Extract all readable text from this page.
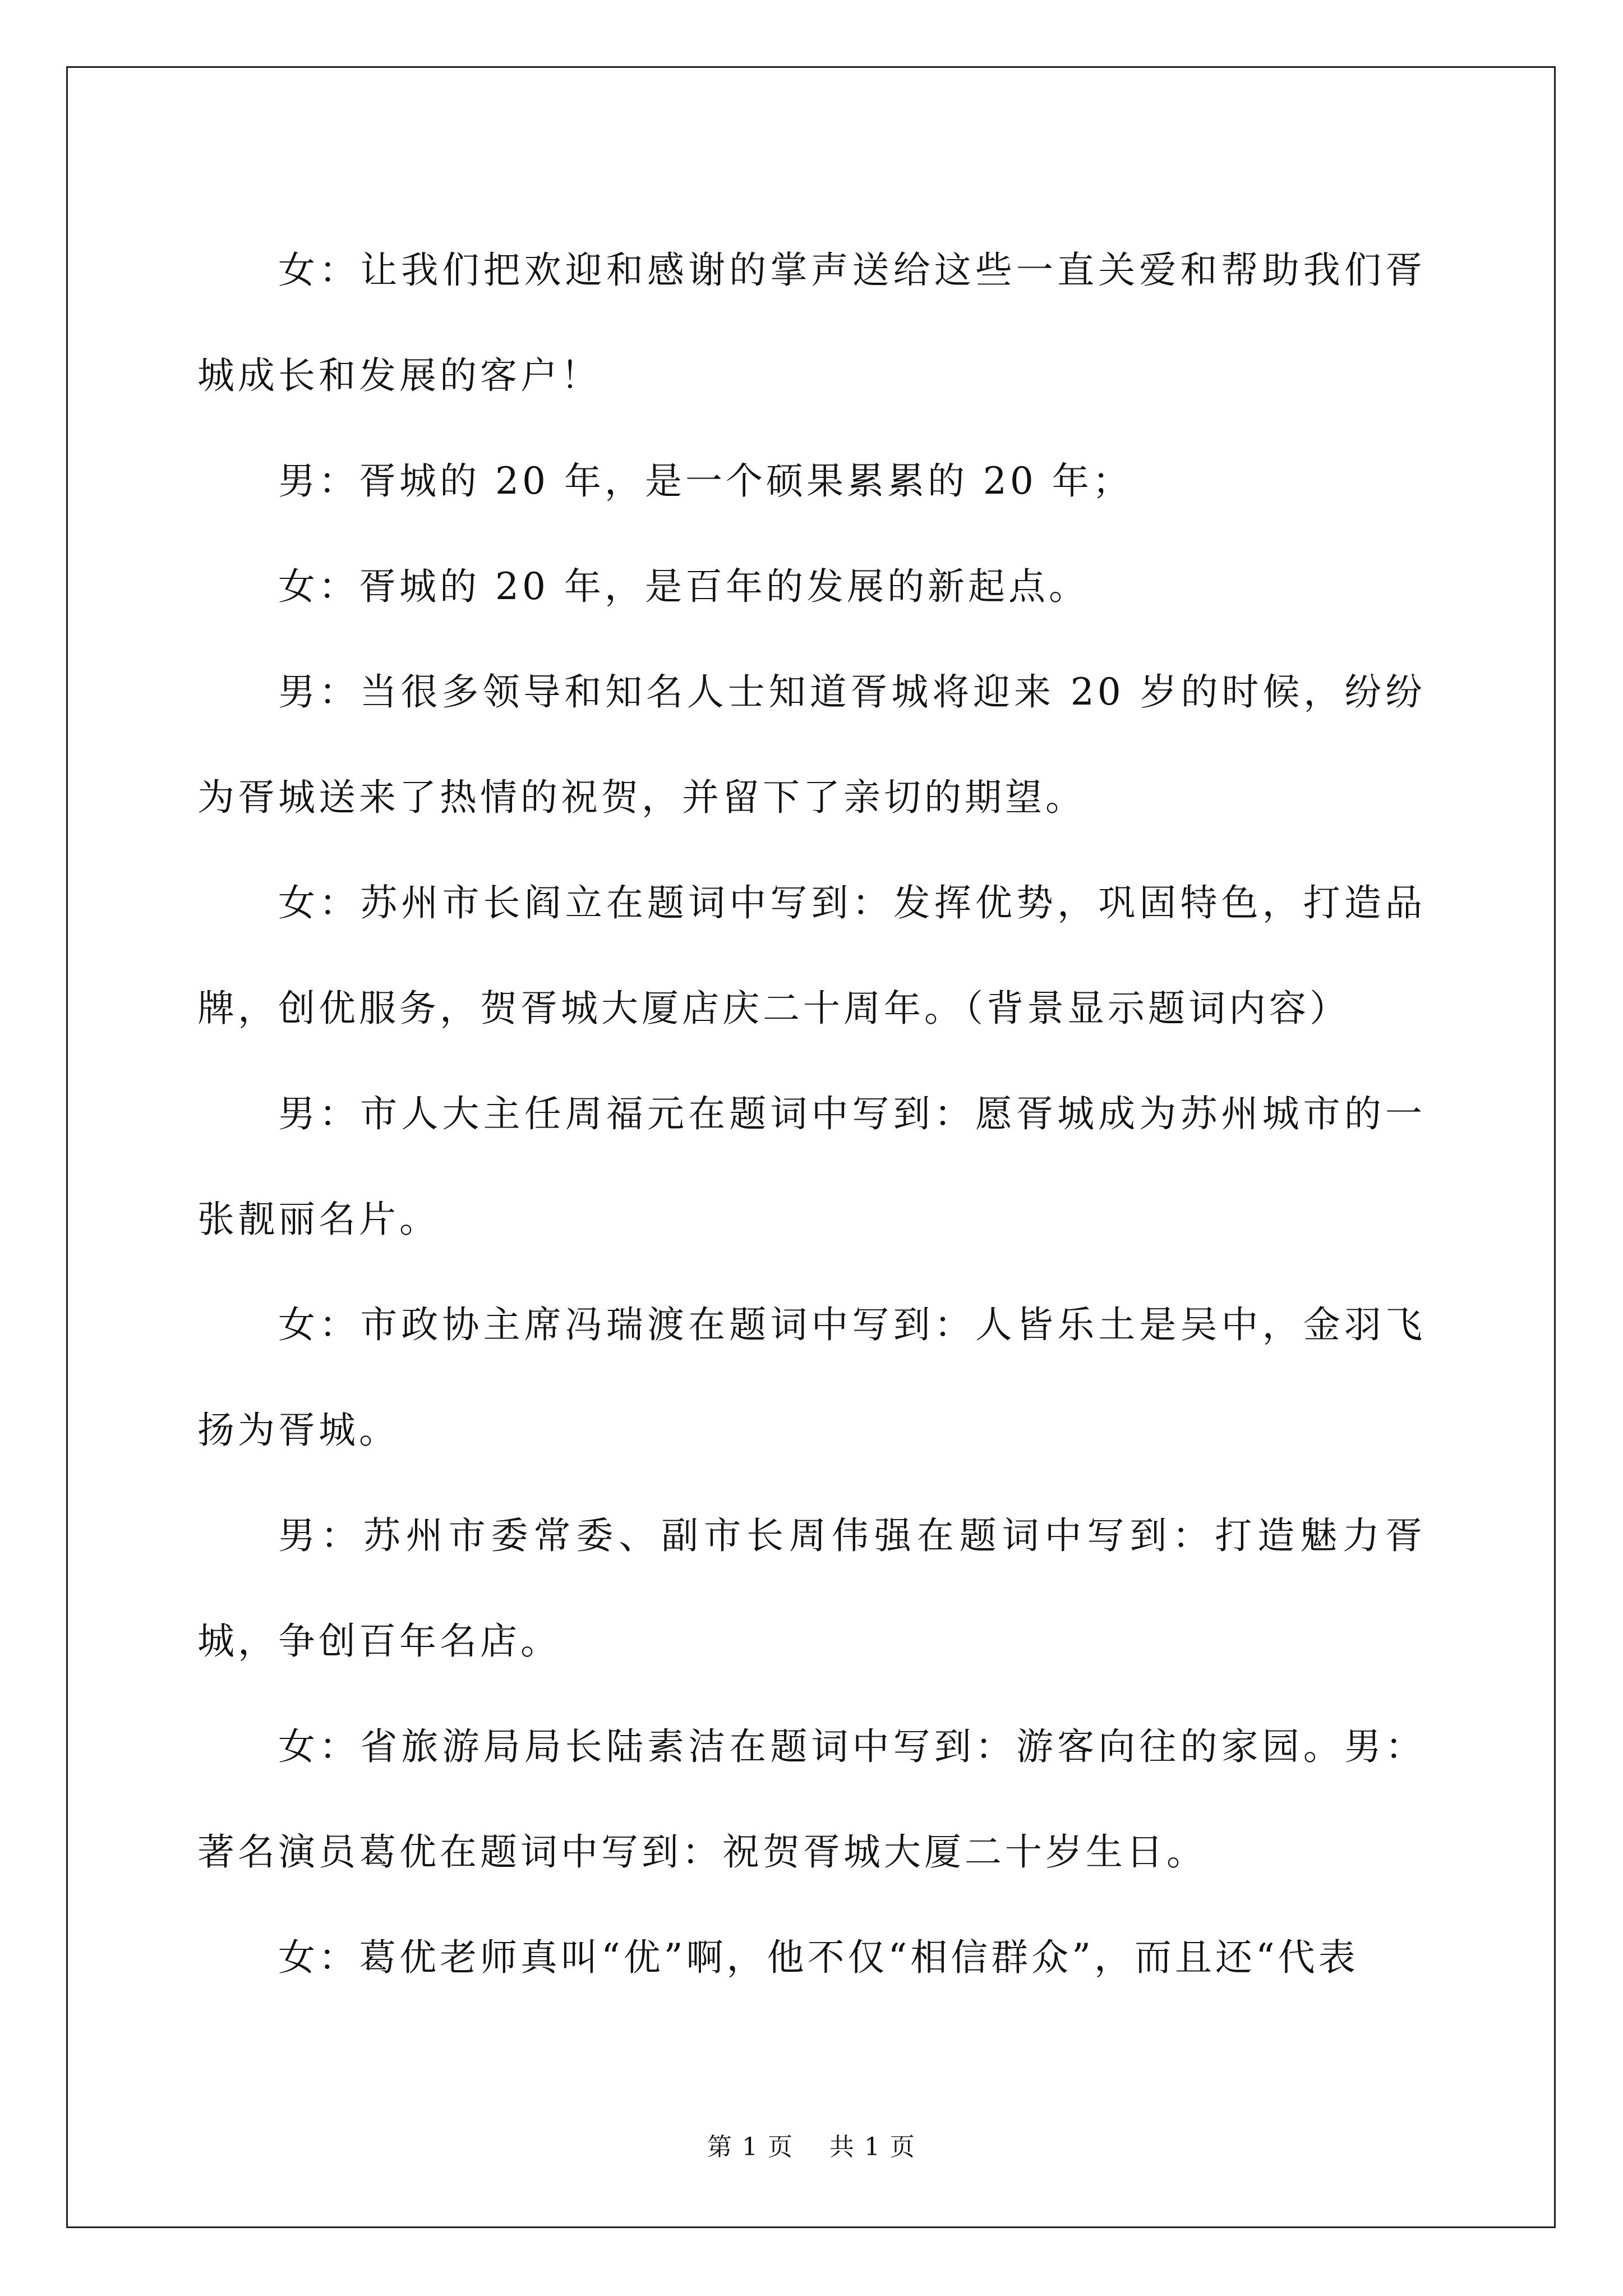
女：让我们把欢迎和感谢的掌声送给这些一直关爱和帮助我们胥城成长和发展的客户！

男：胥城的 20 年，是一个硕果累累的 20 年；

女：胥城的 20 年，是百年的发展的新起点。

男：当很多领导和知名人士知道胥城将迎来 20 岁的时候，纷纷为胥城送来了热情的祝贺，并留下了亲切的期望。

女：苏州市长阎立在题词中写到：发挥优势，巩固特色，打造品牌，创优服务，贺胥城大厦店庆二十周年。（背景显示题词内容）

男：市人大主任周福元在题词中写到：愿胥城成为苏州城市的一张靓丽名片。

女：市政协主席冯瑞渡在题词中写到：人皆乐土是吴中，金羽飞扬为胥城。

男：苏州市委常委、副市长周伟强在题词中写到：打造魅力胥城，争创百年名店。

女：省旅游局局长陆素洁在题词中写到：游客向往的家园。男：著名演员葛优在题词中写到：祝贺胥城大厦二十岁生日。

女：葛优老师真叫“优”啊，他不仅“相信群众”，而且还“代表

第 1 页    共 1 页
